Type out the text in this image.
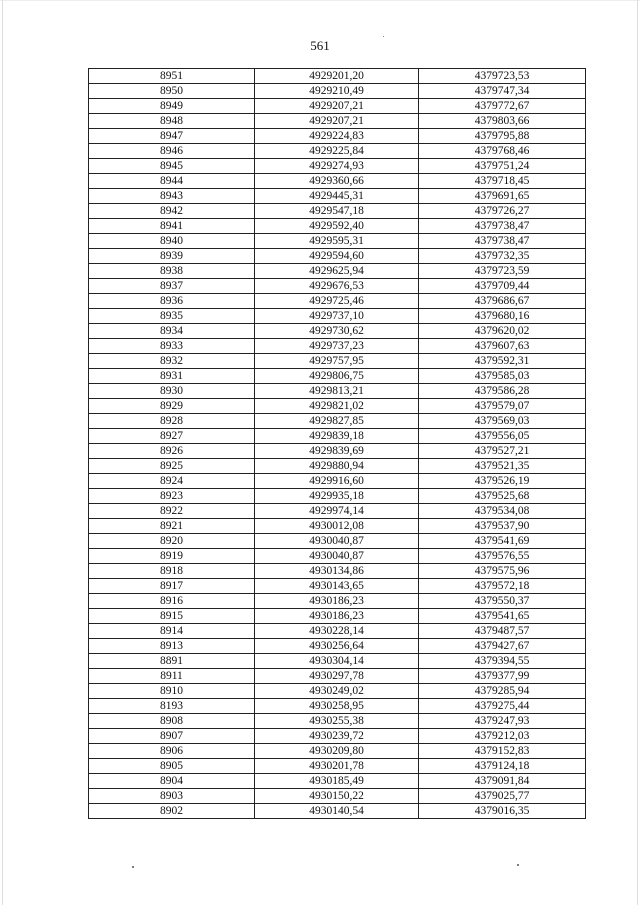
561
8951	4929201,20	4379723,53
8950	4929210,49	4379747,34
8949	4929207,21	4379772,67
8948	4929207,21	4379803,66
8947	4929224,83	4379795,88
8946	4929225,84	4379768,46
8945	4929274,93	4379751,24
8944	4929360,66	4379718,45
8943	4929445,31	4379691,65
8942	4929547,18	4379726,27
8941	4929592,40	4379738,47
8940	4929595,31	4379738,47
8939	4929594,60	4379732,35
8938	4929625,94	4379723,59
8937	4929676,53	4379709,44
8936	4929725,46	4379686,67
8935	4929737,10	4379680,16
8934	4929730,62	4379620,02
8933	4929737,23	4379607,63
8932	4929757,95	4379592,31
8931	4929806,75	4379585,03
8930	4929813,21	4379586,28
8929	4929821,02	4379579,07
8928	4929827,85	4379569,03
8927	4929839,18	4379556,05
8926	4929839,69	4379527,21
8925	4929880,94	4379521,35
8924	4929916,60	4379526,19
8923	4929935,18	4379525,68
8922	4929974,14	4379534,08
8921	4930012,08	4379537,90
8920	4930040,87	4379541,69
8919	4930040,87	4379576,55
8918	4930134,86	4379575,96
8917	4930143,65	4379572,18
8916	4930186,23	4379550,37
8915	4930186,23	4379541,65
8914	4930228,14	4379487,57
8913	4930256,64	4379427,67
8891	4930304,14	4379394,55
8911	4930297,78	4379377,99
8910	4930249,02	4379285,94
8193	4930258,95	4379275,44
8908	4930255,38	4379247,93
8907	4930239,72	4379212,03
8906	4930209,80	4379152,83
8905	4930201,78	4379124,18
8904	4930185,49	4379091,84
8903	4930150,22	4379025,77
8902	4930140,54	4379016,35
